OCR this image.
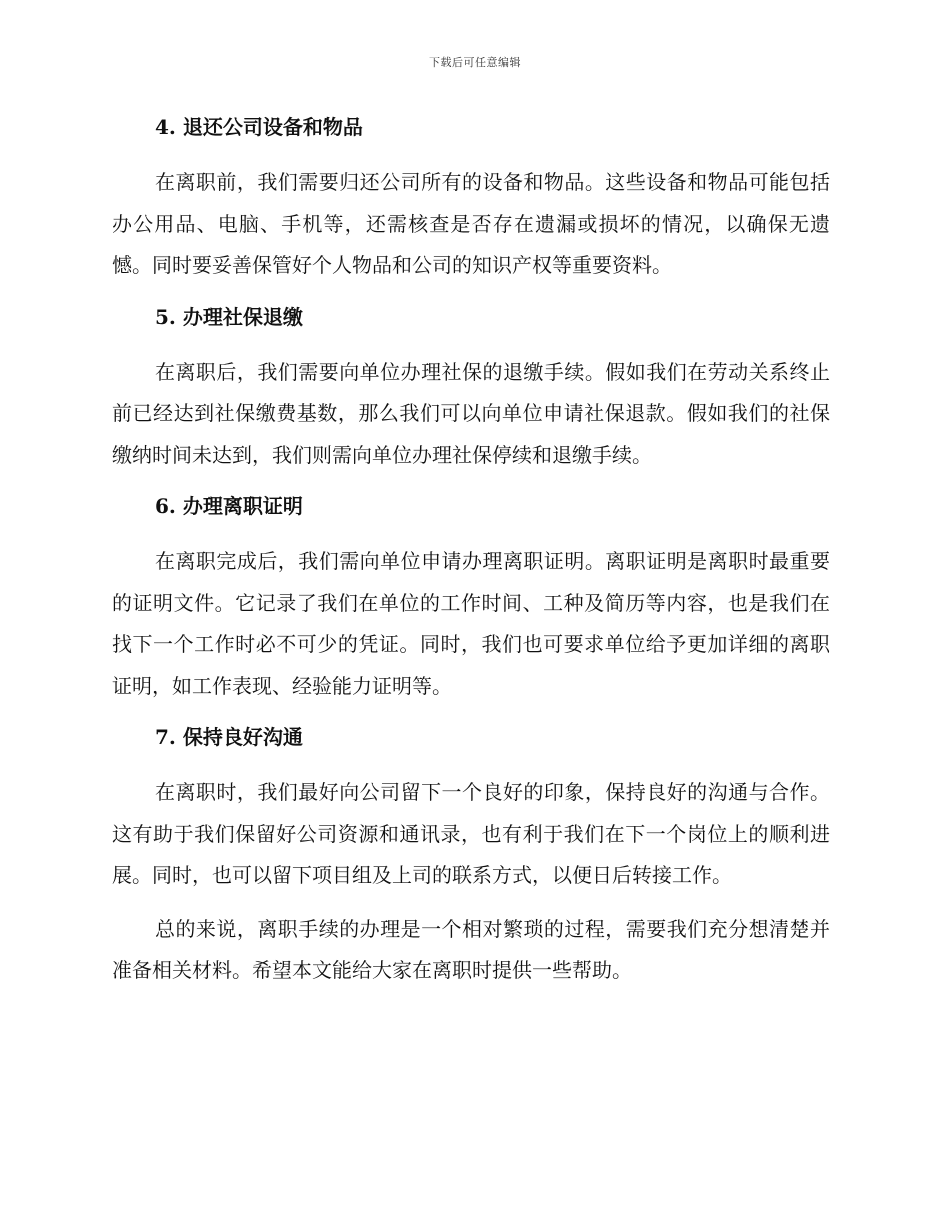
下载后可任意编辑
4. 退还公司设备和物品

在离职前，我们需要归还公司所有的设备和物品。这些设备和物品可能包括办公用品、电脑、手机等，还需核查是否存在遗漏或损坏的情况，以确保无遗憾。同时要妥善保管好个人物品和公司的知识产权等重要资料。

5. 办理社保退缴

在离职后，我们需要向单位办理社保的退缴手续。假如我们在劳动关系终止前已经达到社保缴费基数，那么我们可以向单位申请社保退款。假如我们的社保缴纳时间未达到，我们则需向单位办理社保停续和退缴手续。

6. 办理离职证明

在离职完成后，我们需向单位申请办理离职证明。离职证明是离职时最重要的证明文件。它记录了我们在单位的工作时间、工种及简历等内容，也是我们在找下一个工作时必不可少的凭证。同时，我们也可要求单位给予更加详细的离职证明，如工作表现、经验能力证明等。

7. 保持良好沟通

在离职时，我们最好向公司留下一个良好的印象，保持良好的沟通与合作。这有助于我们保留好公司资源和通讯录，也有利于我们在下一个岗位上的顺利进展。同时，也可以留下项目组及上司的联系方式，以便日后转接工作。

总的来说，离职手续的办理是一个相对繁琐的过程，需要我们充分想清楚并准备相关材料。希望本文能给大家在离职时提供一些帮助。
